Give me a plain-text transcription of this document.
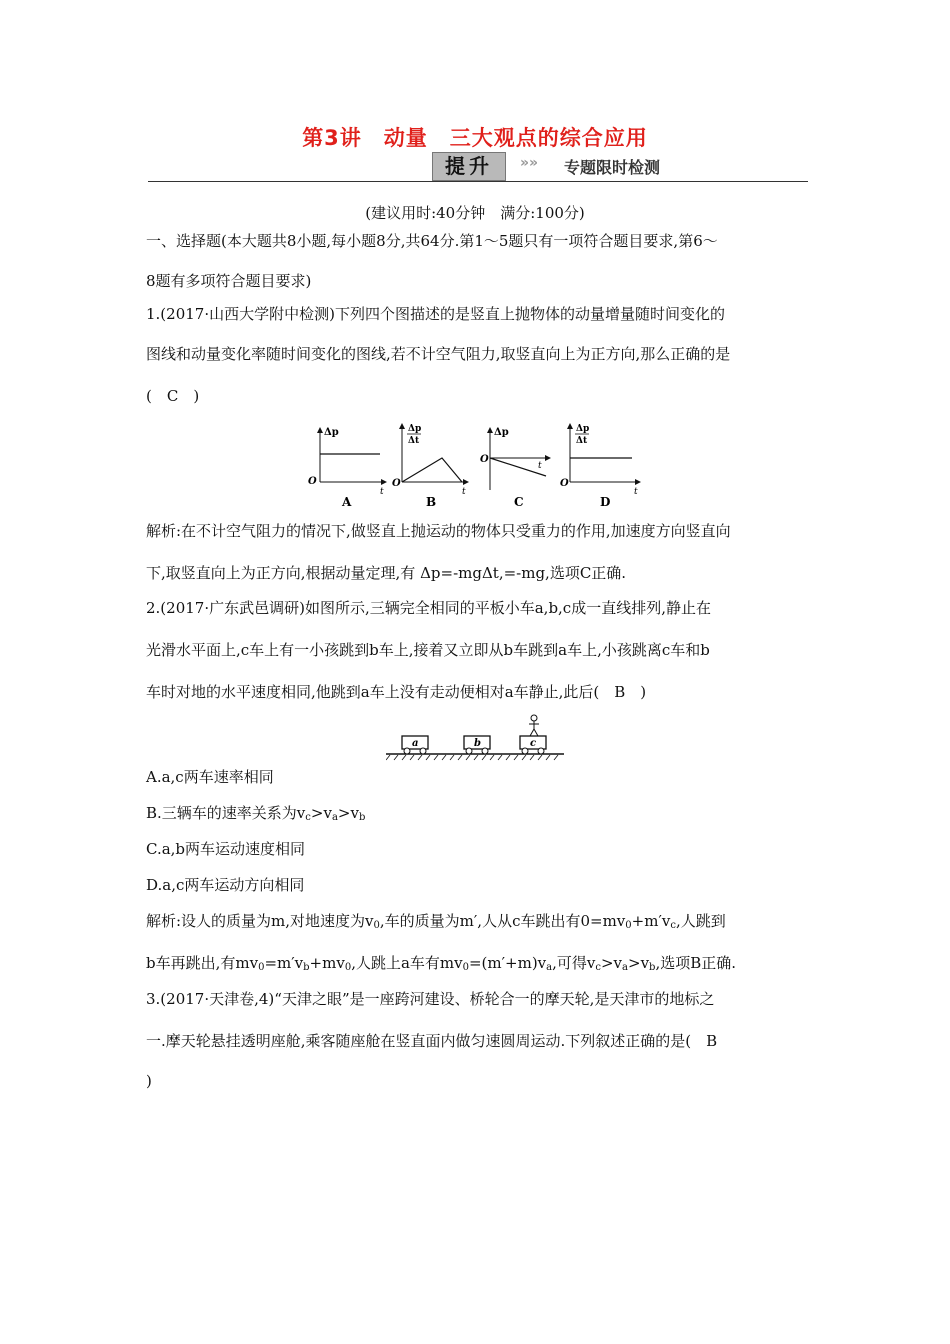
第3讲　动量　三大观点的综合应用
提升	»» 专题限时检测
(建议用时:40分钟　满分:100分)
一、选择题(本大题共8小题,每小题8分,共64分.第1～5题只有一项符合题目要求,第6～
8题有多项符合题目要求)
1.(2017·山西大学附中检测)下列四个图描述的是竖直上抛物体的动量增量随时间变化的
图线和动量变化率随时间变化的图线,若不计空气阻力,取竖直向上为正方向,那么正确的是
(　C　)
Δp
O
t
A
Δp
Δt
O
t
B
Δp
O
t
C
Δp
Δt
O
t
D
解析:在不计空气阻力的情况下,做竖直上抛运动的物体只受重力的作用,加速度方向竖直向
下,取竖直向上为正方向,根据动量定理,有 Δp=-mgΔt,=-mg,选项C正确.
2.(2017·广东武邑调研)如图所示,三辆完全相同的平板小车a,b,c成一直线排列,静止在
光滑水平面上,c车上有一小孩跳到b车上,接着又立即从b车跳到a车上,小孩跳离c车和b
车时对地的水平速度相同,他跳到a车上没有走动便相对a车静止,此后(　B　)
a	b	c
A.a,c两车速率相同
B.三辆车的速率关系为$v_c>v_a>v_b$
C.a,b两车运动速度相同
D.a,c两车运动方向相同
解析:设人的质量为m,对地速度为$v_0$,车的质量为m′,人从c车跳出有$0=mv_0+m'v_c$,人跳到
b车再跳出,有$mv_0=m'v_b+mv_0$,人跳上a车有$mv_0=(m'+m)v_a$,可得$v_c>v_a>v_b$,选项B正确.
3.(2017·天津卷,4)“天津之眼”是一座跨河建设、桥轮合一的摩天轮,是天津市的地标之
一.摩天轮悬挂透明座舱,乘客随座舱在竖直面内做匀速圆周运动.下列叙述正确的是(　B
)
